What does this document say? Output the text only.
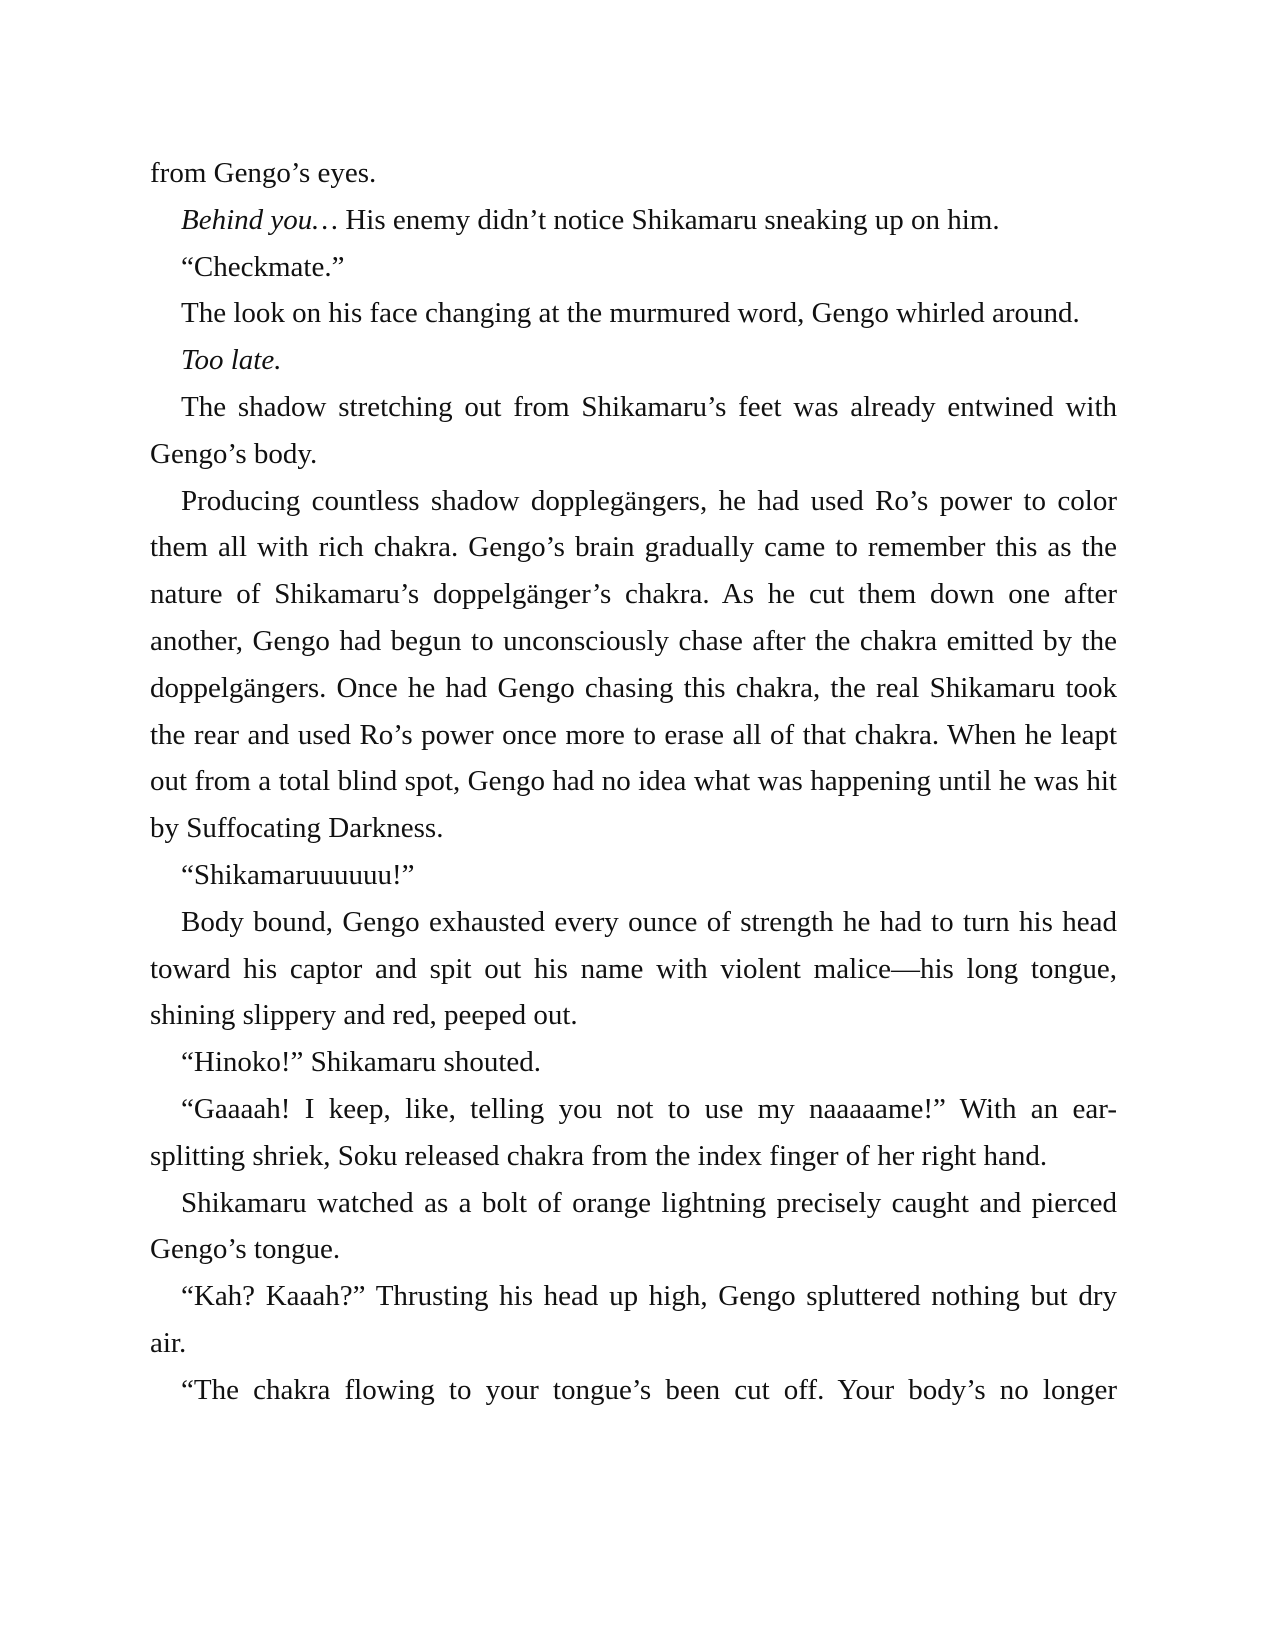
from Gengo’s eyes.

Behind you… His enemy didn’t notice Shikamaru sneaking up on him.

“Checkmate.”

The look on his face changing at the murmured word, Gengo whirled around.

Too late.

The shadow stretching out from Shikamaru’s feet was already entwined with Gengo’s body.

Producing countless shadow dopplegängers, he had used Ro’s power to color them all with rich chakra. Gengo’s brain gradually came to remember this as the nature of Shikamaru’s doppelgänger’s chakra. As he cut them down one after another, Gengo had begun to unconsciously chase after the chakra emitted by the doppelgängers. Once he had Gengo chasing this chakra, the real Shikamaru took the rear and used Ro’s power once more to erase all of that chakra. When he leapt out from a total blind spot, Gengo had no idea what was happening until he was hit by Suffocating Darkness.

“Shikamaruuuuuu!”

Body bound, Gengo exhausted every ounce of strength he had to turn his head toward his captor and spit out his name with violent malice—his long tongue, shining slippery and red, peeped out.

“Hinoko!” Shikamaru shouted.

“Gaaaah! I keep, like, telling you not to use my naaaaame!” With an ear-splitting shriek, Soku released chakra from the index finger of her right hand.

Shikamaru watched as a bolt of orange lightning precisely caught and pierced Gengo’s tongue.

“Kah? Kaaah?” Thrusting his head up high, Gengo spluttered nothing but dry air.

“The chakra flowing to your tongue’s been cut off. Your body’s no longer
